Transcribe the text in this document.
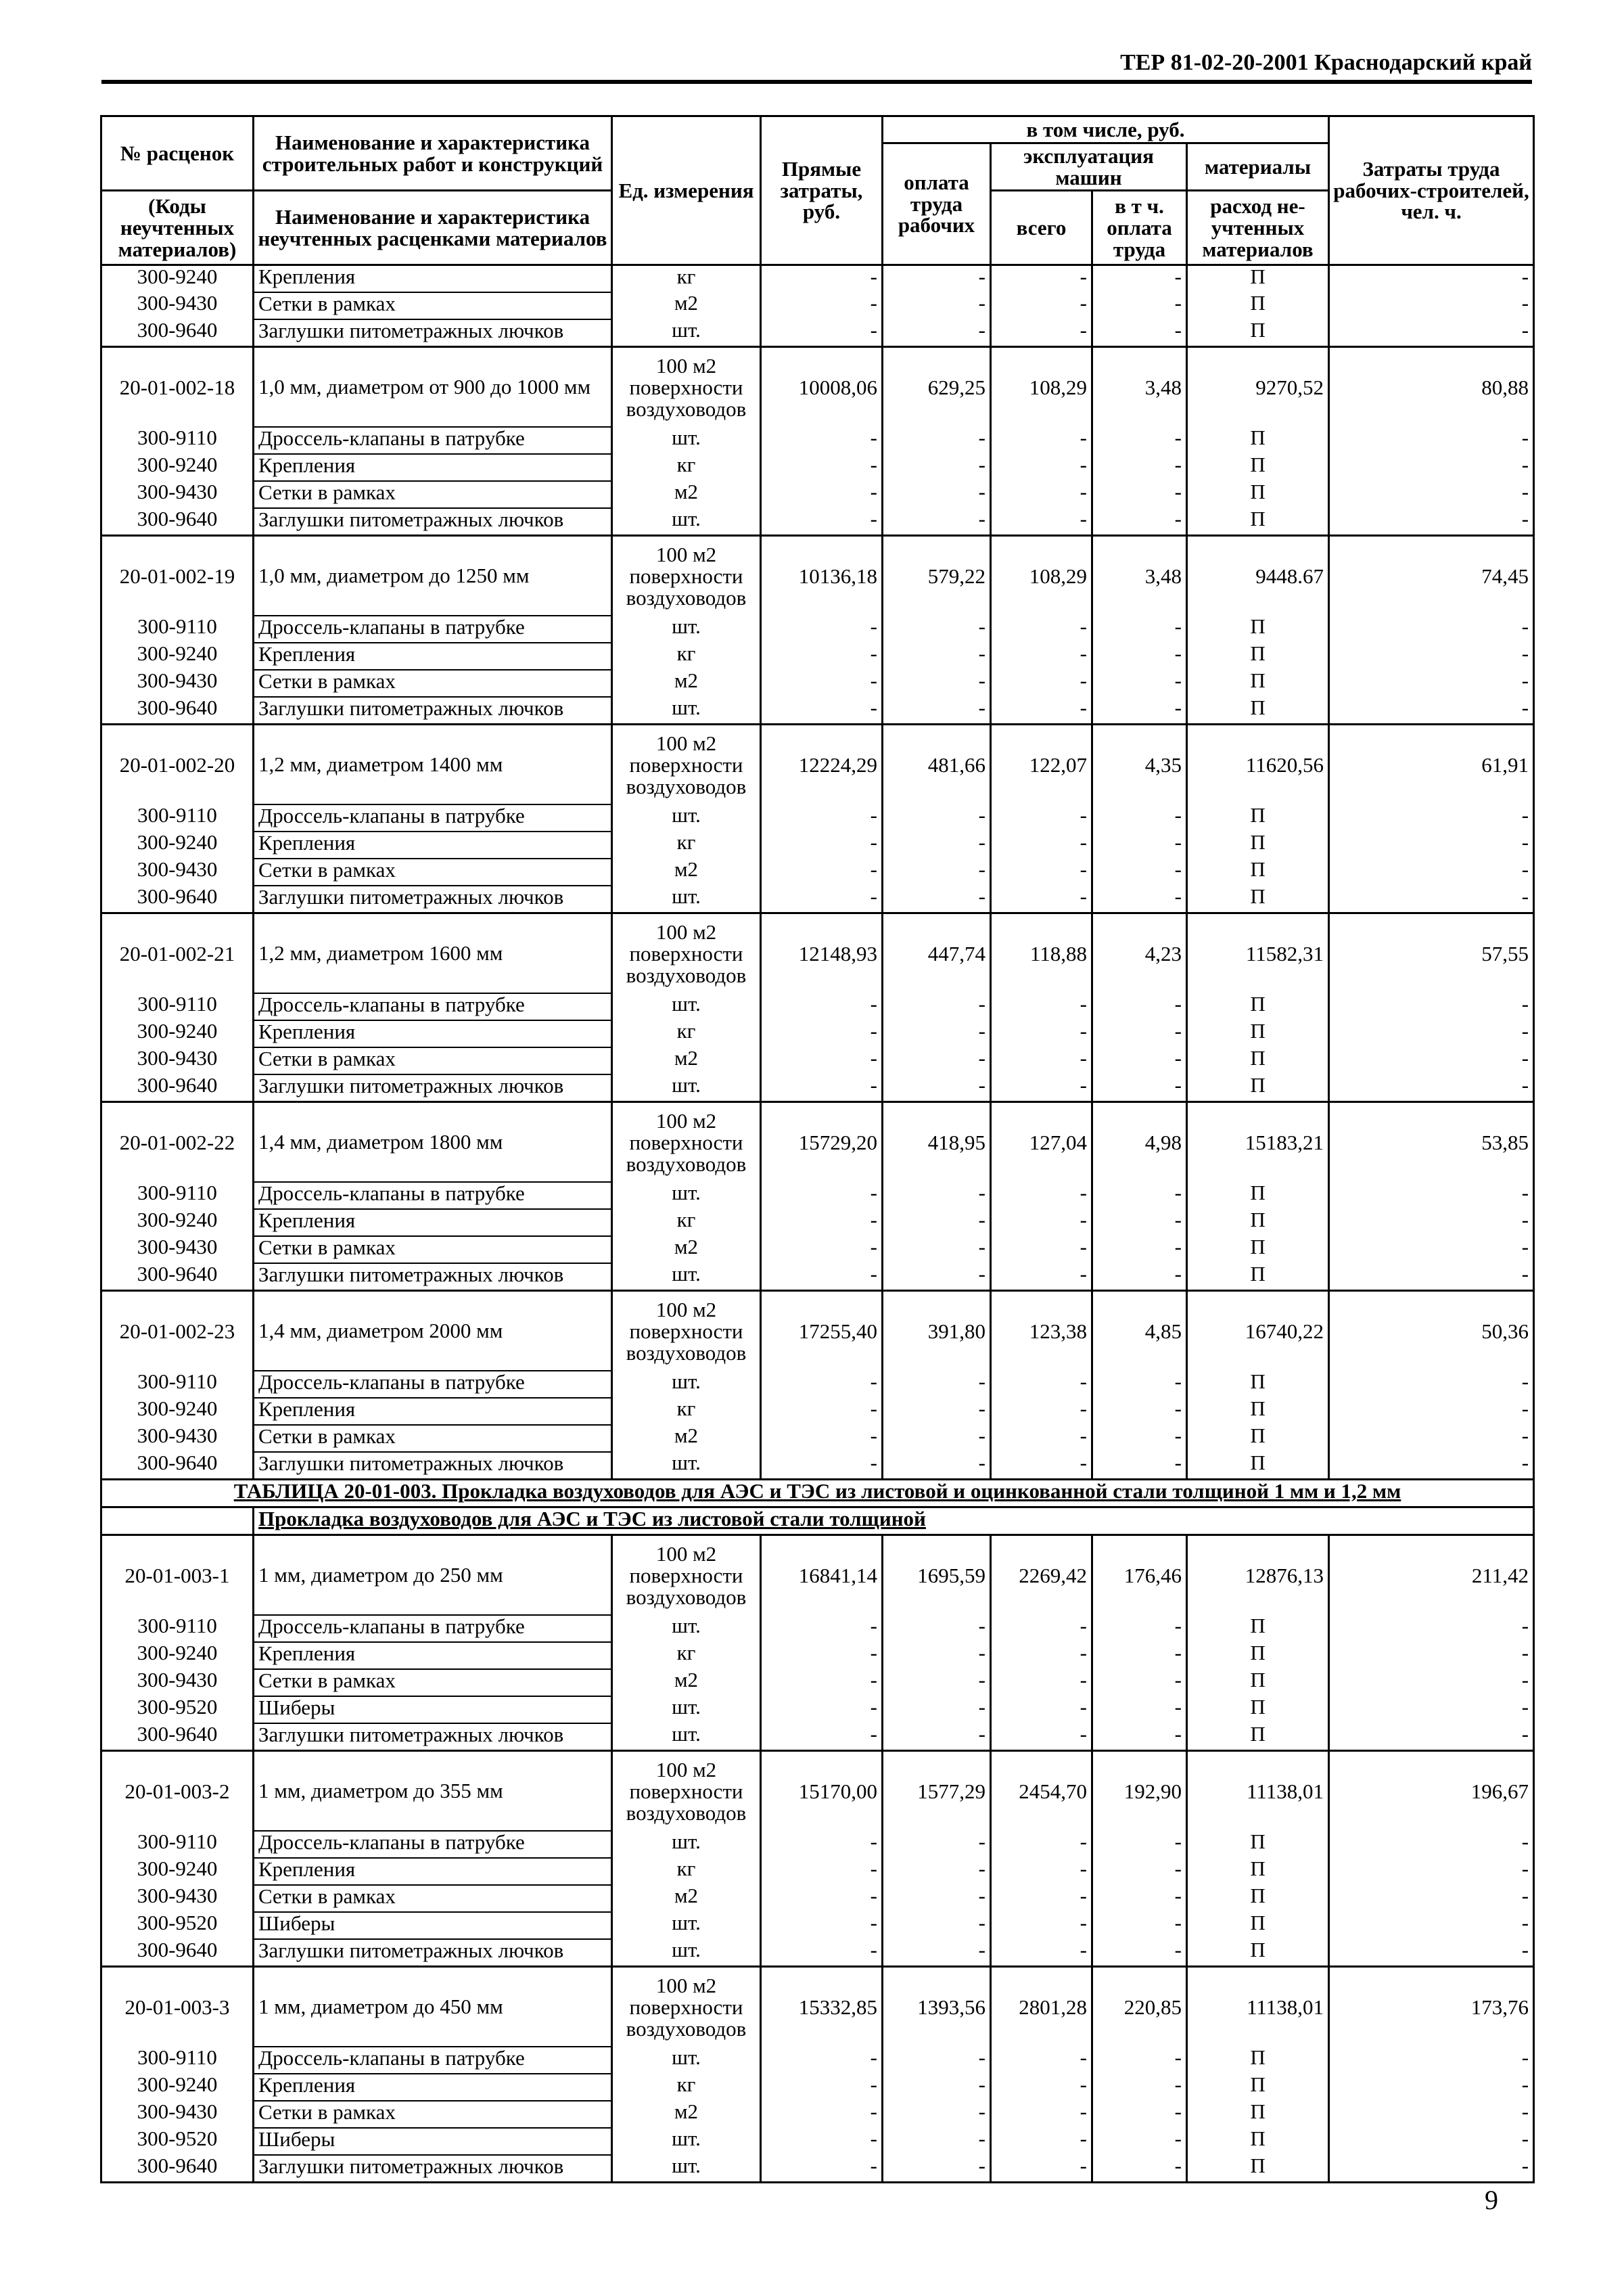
ТЕР 81-02-20-2001 Краснодарский край
№ расценок	Наименование и характеристика строительных работ и конструкций	Ед. измерения	Прямые затраты, руб.	в том числе, руб.				Затраты труда рабочих-строителей, чел. ч.
				оплата труда рабочих	эксплуатация машин		материалы	
(Коды неучтенных материалов)	Наименование и характеристика неучтенных расценками материалов				всего	в т ч. оплата труда	расход не-учтенных материалов	

300-9240	Крепления	кг	-	-	-	-	П	-
300-9430	Сетки в рамках	м2	-	-	-	-	П	-
300-9640	Заглушки питометражных лючков	шт.	-	-	-	-	П	-
20-01-002-18	1,0 мм, диаметром от 900 до 1000 мм	100 м2 поверхности воздуховодов	10008,06	629,25	108,29	3,48	9270,52	80,88
300-9110	Дроссель-клапаны в патрубке	шт.	-	-	-	-	П	-
300-9240	Крепления	кг	-	-	-	-	П	-
300-9430	Сетки в рамках	м2	-	-	-	-	П	-
300-9640	Заглушки питометражных лючков	шт.	-	-	-	-	П	-
20-01-002-19	1,0 мм, диаметром до 1250 мм	100 м2 поверхности воздуховодов	10136,18	579,22	108,29	3,48	9448.67	74,45
300-9110	Дроссель-клапаны в патрубке	шт.	-	-	-	-	П	-
300-9240	Крепления	кг	-	-	-	-	П	-
300-9430	Сетки в рамках	м2	-	-	-	-	П	-
300-9640	Заглушки питометражных лючков	шт.	-	-	-	-	П	-
20-01-002-20	1,2 мм, диаметром 1400 мм	100 м2 поверхности воздуховодов	12224,29	481,66	122,07	4,35	11620,56	61,91
300-9110	Дроссель-клапаны в патрубке	шт.	-	-	-	-	П	-
300-9240	Крепления	кг	-	-	-	-	П	-
300-9430	Сетки в рамках	м2	-	-	-	-	П	-
300-9640	Заглушки питометражных лючков	шт.	-	-	-	-	П	-
20-01-002-21	1,2 мм, диаметром 1600 мм	100 м2 поверхности воздуховодов	12148,93	447,74	118,88	4,23	11582,31	57,55
300-9110	Дроссель-клапаны в патрубке	шт.	-	-	-	-	П	-
300-9240	Крепления	кг	-	-	-	-	П	-
300-9430	Сетки в рамках	м2	-	-	-	-	П	-
300-9640	Заглушки питометражных лючков	шт.	-	-	-	-	П	-
20-01-002-22	1,4 мм, диаметром 1800 мм	100 м2 поверхности воздуховодов	15729,20	418,95	127,04	4,98	15183,21	53,85
300-9110	Дроссель-клапаны в патрубке	шт.	-	-	-	-	П	-
300-9240	Крепления	кг	-	-	-	-	П	-
300-9430	Сетки в рамках	м2	-	-	-	-	П	-
300-9640	Заглушки питометражных лючков	шт.	-	-	-	-	П	-
20-01-002-23	1,4 мм, диаметром 2000 мм	100 м2 поверхности воздуховодов	17255,40	391,80	123,38	4,85	16740,22	50,36
300-9110	Дроссель-клапаны в патрубке	шт.	-	-	-	-	П	-
300-9240	Крепления	кг	-	-	-	-	П	-
300-9430	Сетки в рамках	м2	-	-	-	-	П	-
300-9640	Заглушки питометражных лючков	шт.	-	-	-	-	П	-
ТАБЛИЦА 20-01-003. Прокладка воздуховодов для АЭС и ТЭС из листовой и оцинкованной стали толщиной 1 мм и 1,2 мм								
	Прокладка воздуховодов для АЭС и ТЭС из листовой стали толщиной							
20-01-003-1	1 мм, диаметром до 250 мм	100 м2 поверхности воздуховодов	16841,14	1695,59	2269,42	176,46	12876,13	211,42
300-9110	Дроссель-клапаны в патрубке	шт.	-	-	-	-	П	-
300-9240	Крепления	кг	-	-	-	-	П	-
300-9430	Сетки в рамках	м2	-	-	-	-	П	-
300-9520	Шиберы	шт.	-	-	-	-	П	-
300-9640	Заглушки питометражных лючков	шт.	-	-	-	-	П	-
20-01-003-2	1 мм, диаметром до 355 мм	100 м2 поверхности воздуховодов	15170,00	1577,29	2454,70	192,90	11138,01	196,67
300-9110	Дроссель-клапаны в патрубке	шт.	-	-	-	-	П	-
300-9240	Крепления	кг	-	-	-	-	П	-
300-9430	Сетки в рамках	м2	-	-	-	-	П	-
300-9520	Шиберы	шт.	-	-	-	-	П	-
300-9640	Заглушки питометражных лючков	шт.	-	-	-	-	П	-
20-01-003-3	1 мм, диаметром до 450 мм	100 м2 поверхности воздуховодов	15332,85	1393,56	2801,28	220,85	11138,01	173,76
300-9110	Дроссель-клапаны в патрубке	шт.	-	-	-	-	П	-
300-9240	Крепления	кг	-	-	-	-	П	-
300-9430	Сетки в рамках	м2	-	-	-	-	П	-
300-9520	Шиберы	шт.	-	-	-	-	П	-
300-9640	Заглушки питометражных лючков	шт.	-	-	-	-	П	-
9
